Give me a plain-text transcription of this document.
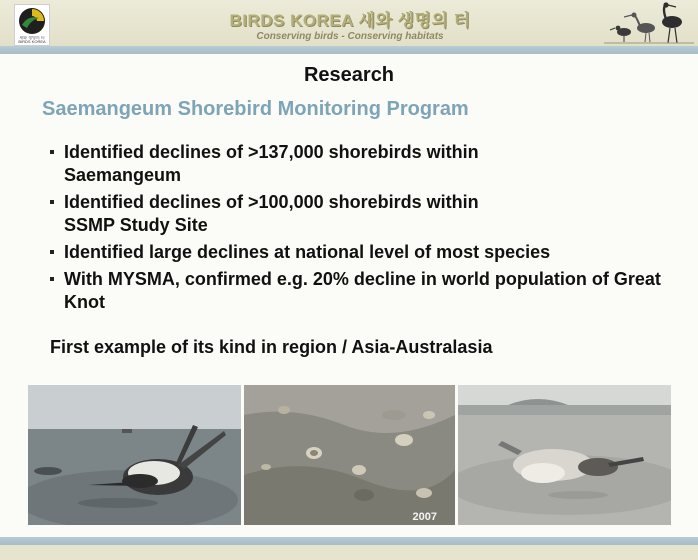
새와 생명의 터
BIRDS KOREA
BIRDS KOREA 새와 생명의 터
Conserving birds - Conserving habitats
Research
Saemangeum Shorebird Monitoring Program
Identified declines of >137,000 shorebirds within Saemangeum
Identified declines of >100,000 shorebirds within SSMP Study Site
Identified large declines at national level of most species
With MYSMA, confirmed e.g. 20% decline in world population of Great Knot
First example of its kind in region / Asia-Australasia
2007
